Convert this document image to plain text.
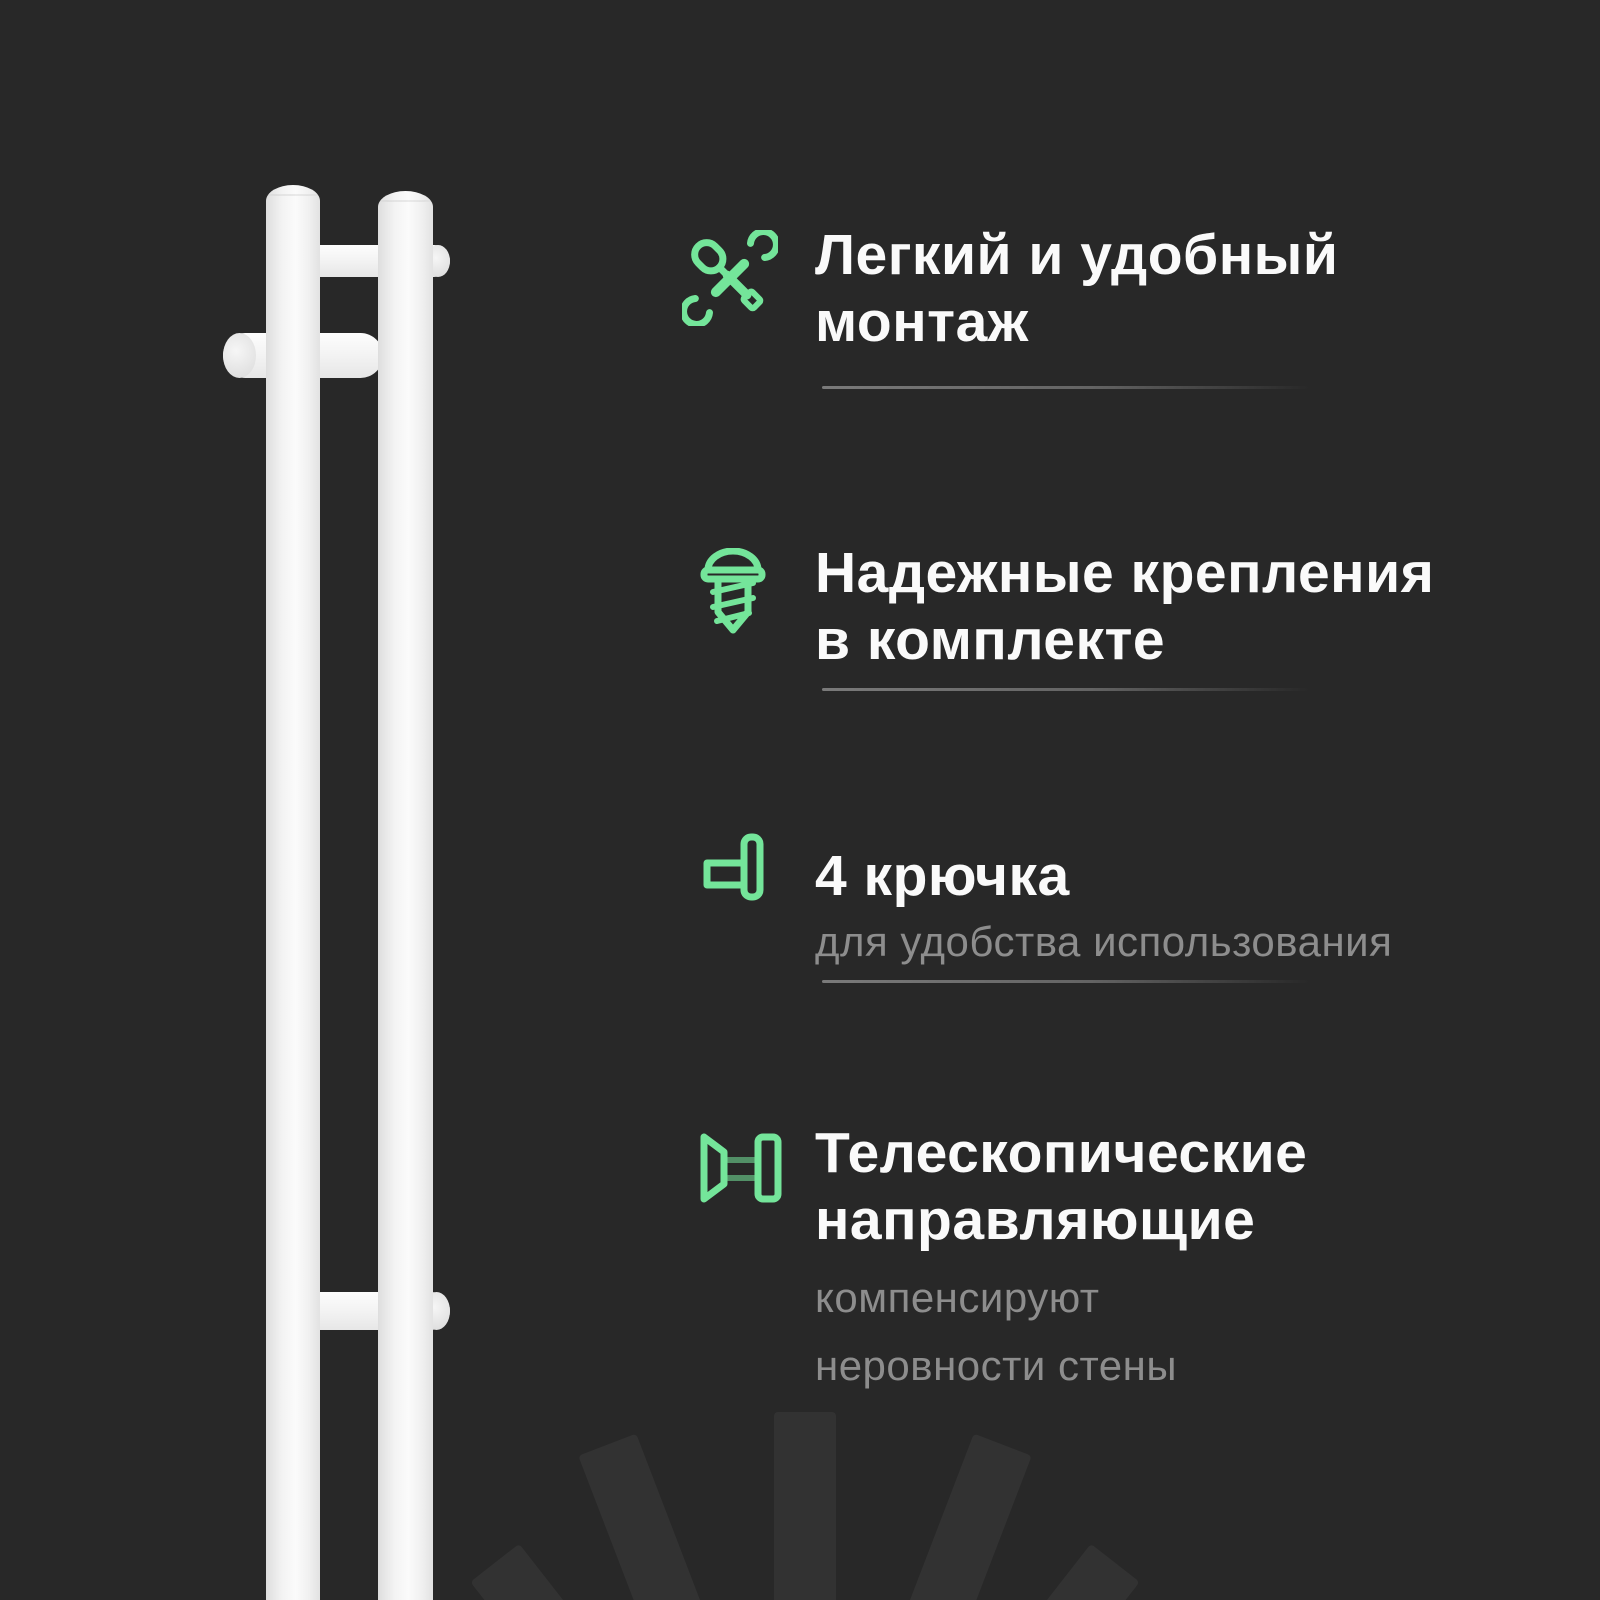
Легкий и удобный
монтаж
Надежные крепления
в комплекте
4 крючка
для удобства использования
Телескопические
направляющие
компенсируют
неровности стены
